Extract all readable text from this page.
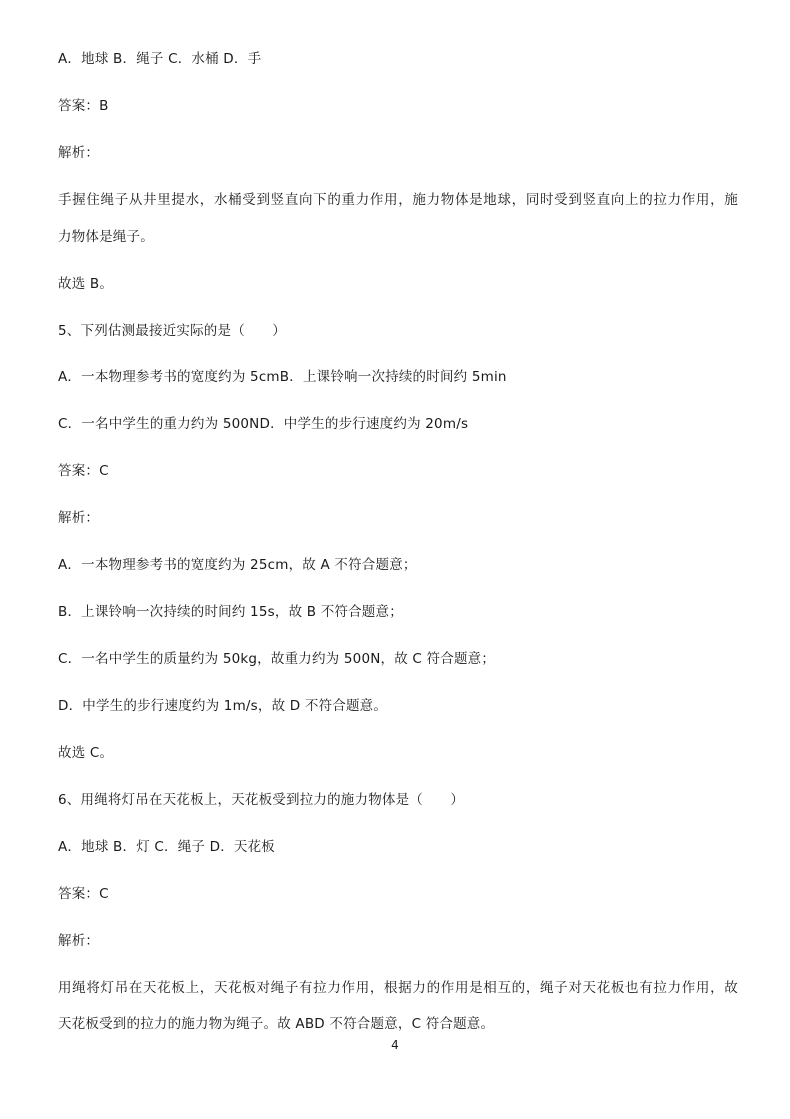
A．地球 B．绳子 C．水桶 D．手
答案：B
解析：
手握住绳子从井里提水，水桶受到竖直向下的重力作用，施力物体是地球，同时受到竖直向上的拉力作用，施
力物体是绳子。
故选 B。
5、下列估测最接近实际的是（　　）
A．一本物理参考书的宽度约为 5cmB．上课铃响一次持续的时间约 5min
C．一名中学生的重力约为 500ND．中学生的步行速度约为 20m/s
答案：C
解析：
A．一本物理参考书的宽度约为 25cm，故 A 不符合题意；
B．上课铃响一次持续的时间约 15s，故 B 不符合题意；
C．一名中学生的质量约为 50kg，故重力约为 500N，故 C 符合题意；
D．中学生的步行速度约为 1m/s，故 D 不符合题意。
故选 C。
6、用绳将灯吊在天花板上，天花板受到拉力的施力物体是（　　）
A．地球 B．灯 C．绳子 D．天花板
答案：C
解析：
用绳将灯吊在天花板上，天花板对绳子有拉力作用，根据力的作用是相互的，绳子对天花板也有拉力作用，故
天花板受到的拉力的施力物为绳子。故 ABD 不符合题意，C 符合题意。
4
